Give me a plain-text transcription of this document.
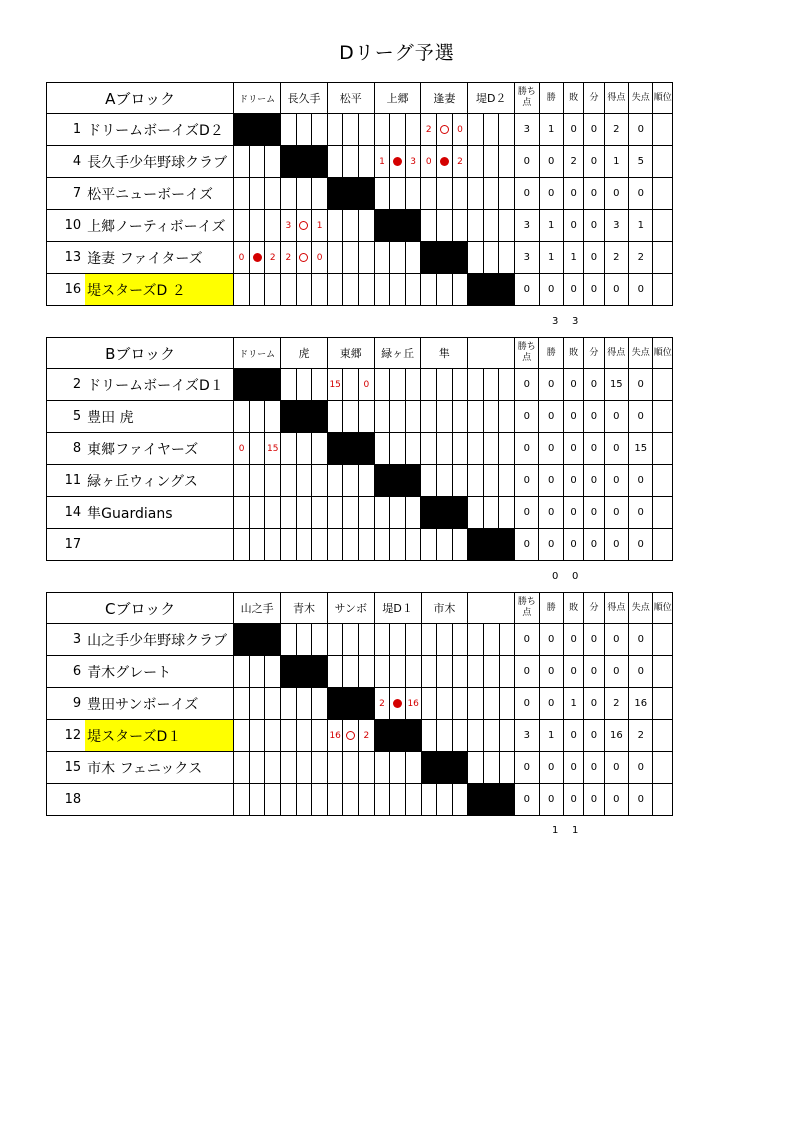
Dリーグ予選
Aブロック		ドリーム			長久手			松平			上郷			逢妻			堤D２			勝ち点	勝	敗	分	得点	失点	順位
1	ドリームボーイズD２													2		0				3	1	0	0	2	0	
4	長久手少年野球クラブ										1		3	0		2				0	0	2	0	1	5	
7	松平ニューボーイズ																			0	0	0	0	0	0	
10	上郷ノーティボーイズ				3		1													3	1	0	0	3	1	
13	逢妻 ファイターズ	0		2	2		0													3	1	1	0	2	2	
16	堤スターズD ２																			0	0	0	0	0	0	
3 3
Bブロック		ドリーム			虎			東郷			緑ヶ丘			隼						勝ち点	勝	敗	分	得点	失点	順位
2	ドリームボーイズD１							15		0										0	0	0	0	15	0	
5	豊田 虎																			0	0	0	0	0	0	
8	東郷ファイヤーズ	0		15																0	0	0	0	0	15	
11	緑ヶ丘ウィングス																			0	0	0	0	0	0	
14	隼Guardians																			0	0	0	0	0	0	
17																				0	0	0	0	0	0	
0 0
Cブロック		山之手			青木			サンボ			堤D１			市木						勝ち点	勝	敗	分	得点	失点	順位
3	山之手少年野球クラブ																			0	0	0	0	0	0	
6	青木グレート																			0	0	0	0	0	0	
9	豊田サンボーイズ										2		16							0	0	1	0	2	16	
12	堤スターズD１							16		2										3	1	0	0	16	2	
15	市木 フェニックス																			0	0	0	0	0	0	
18																				0	0	0	0	0	0	
1 1
